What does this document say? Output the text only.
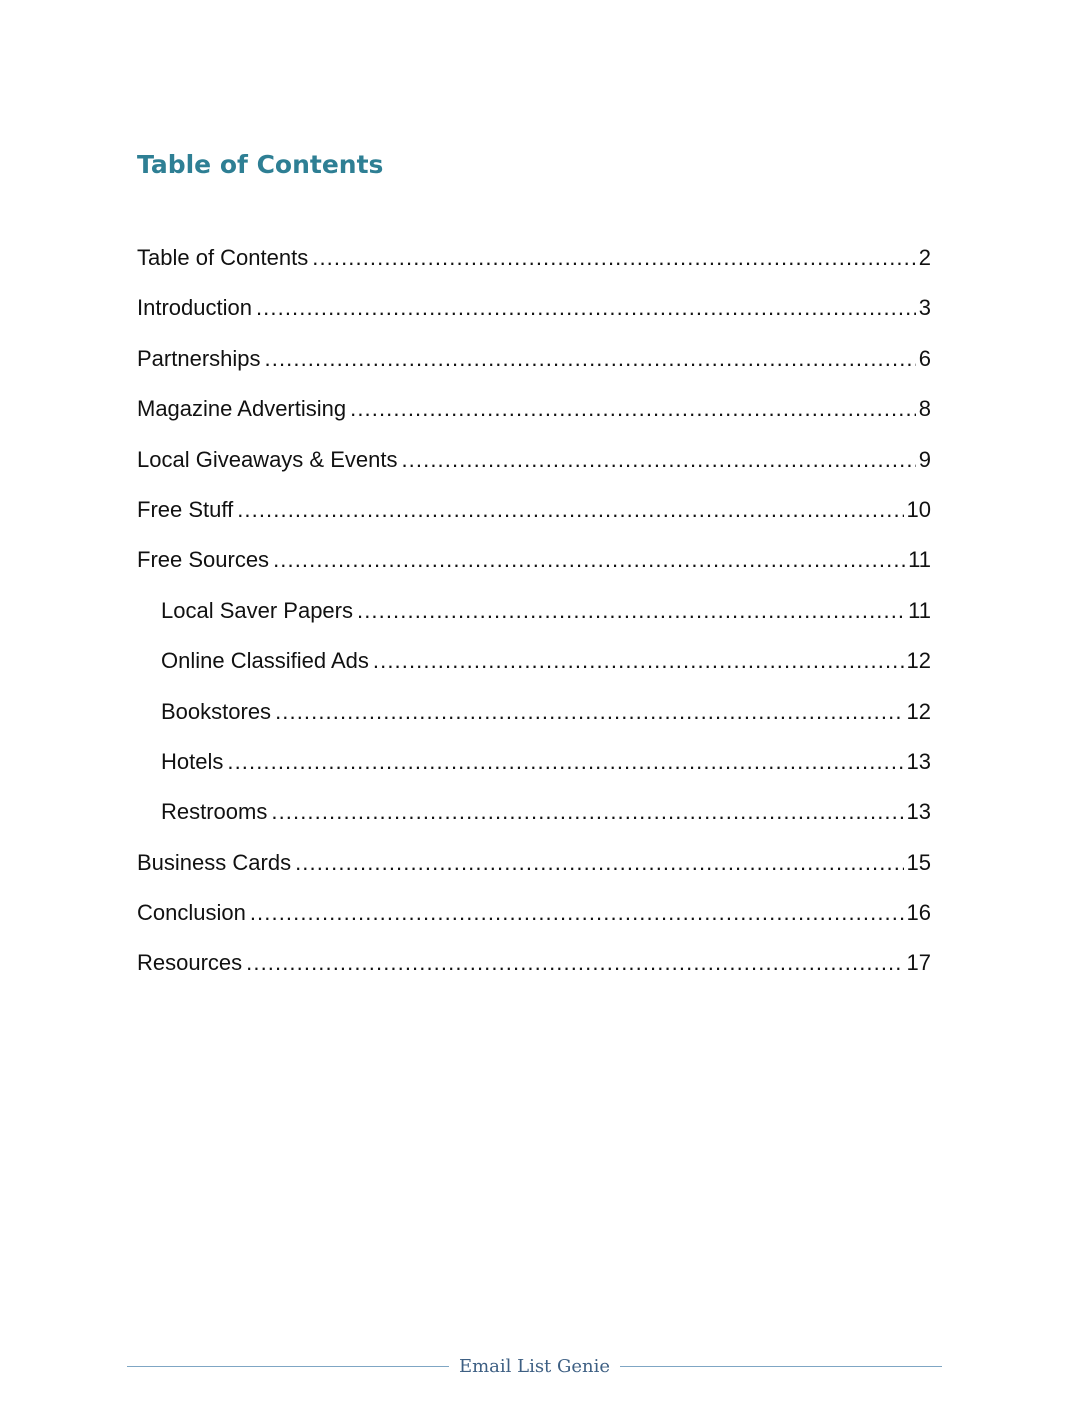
Table of Contents
Table of Contents .....	2
Introduction .....	3
Partnerships .....	6
Magazine Advertising .....	8
Local Giveaways & Events .....	9
Free Stuff .....	10
Free Sources .....	11
Local Saver Papers .....	11
Online Classified Ads .....	12
Bookstores .....	12
Hotels .....	13
Restrooms .....	13
Business Cards .....	15
Conclusion .....	16
Resources .....	17
Email List Genie
